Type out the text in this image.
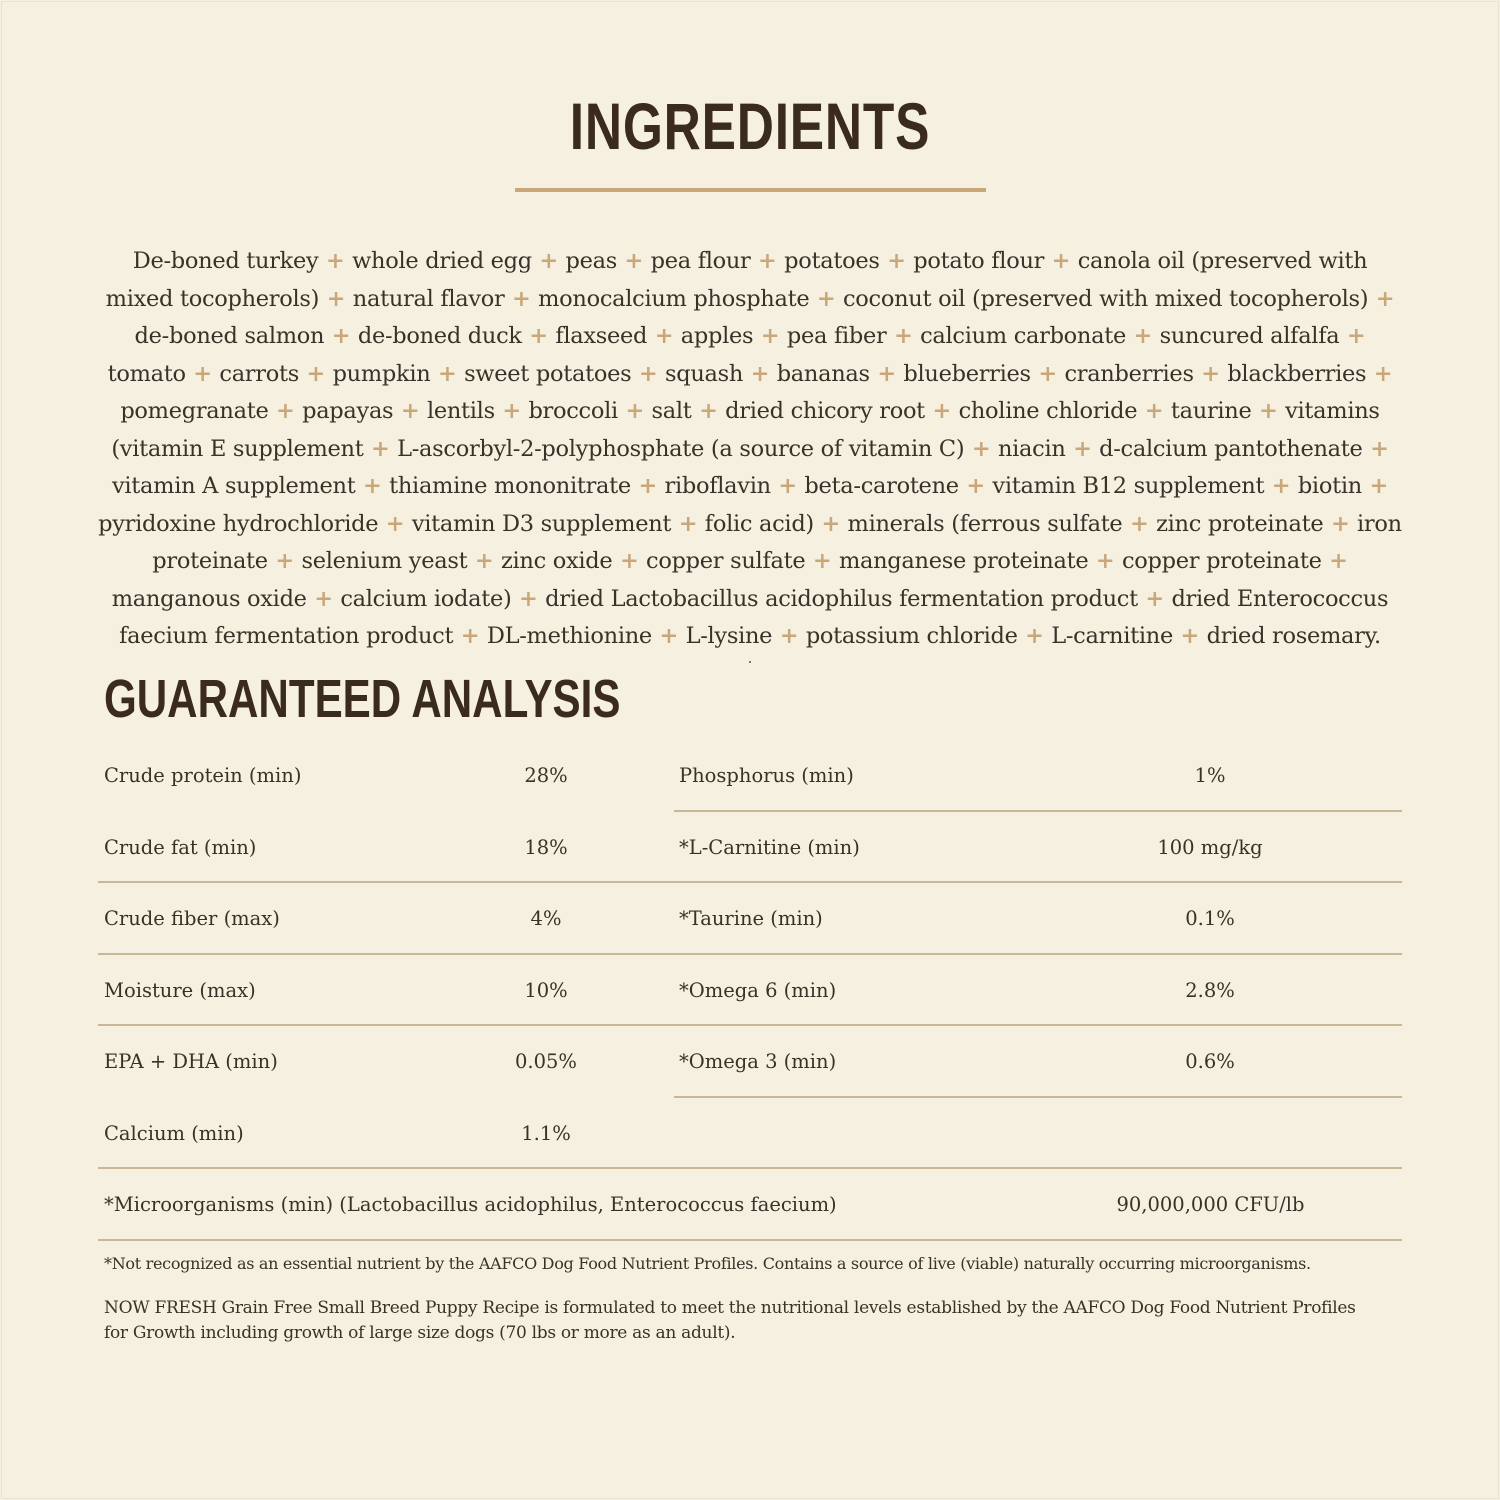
INGREDIENTS

De-boned turkey + whole dried egg + peas + pea flour + potatoes + potato flour + canola oil (preserved with mixed tocopherols) + natural flavor + monocalcium phosphate + coconut oil (preserved with mixed tocopherols) + de-boned salmon + de-boned duck + flaxseed + apples + pea fiber + calcium carbonate + suncured alfalfa + tomato + carrots + pumpkin + sweet potatoes + squash + bananas + blueberries + cranberries + blackberries + pomegranate + papayas + lentils + broccoli + salt + dried chicory root + choline chloride + taurine + vitamins (vitamin E supplement + L-ascorbyl-2-polyphosphate (a source of vitamin C) + niacin + d-calcium pantothenate + vitamin A supplement + thiamine mononitrate + riboflavin + beta-carotene + vitamin B12 supplement + biotin + pyridoxine hydrochloride + vitamin D3 supplement + folic acid) + minerals (ferrous sulfate + zinc proteinate + iron proteinate + selenium yeast + zinc oxide + copper sulfate + manganese proteinate + copper proteinate + manganous oxide + calcium iodate) + dried Lactobacillus acidophilus fermentation product + dried Enterococcus faecium fermentation product + DL-methionine + L-lysine + potassium chloride + L-carnitine + dried rosemary.

GUARANTEED ANALYSIS
Crude protein (min)	28%	Phosphorus (min)	1%
Crude fat (min)	18%	*L-Carnitine (min)	100 mg/kg
Crude fiber (max)	4%	*Taurine (min)	0.1%
Moisture (max)	10%	*Omega 6 (min)	2.8%
EPA + DHA (min)	0.05%	*Omega 3 (min)	0.6%
Calcium (min)	1.1%
*Microorganisms (min) (Lactobacillus acidophilus, Enterococcus faecium)	90,000,000 CFU/lb

*Not recognized as an essential nutrient by the AAFCO Dog Food Nutrient Profiles. Contains a source of live (viable) naturally occurring microorganisms.

NOW FRESH Grain Free Small Breed Puppy Recipe is formulated to meet the nutritional levels established by the AAFCO Dog Food Nutrient Profiles for Growth including growth of large size dogs (70 lbs or more as an adult).
